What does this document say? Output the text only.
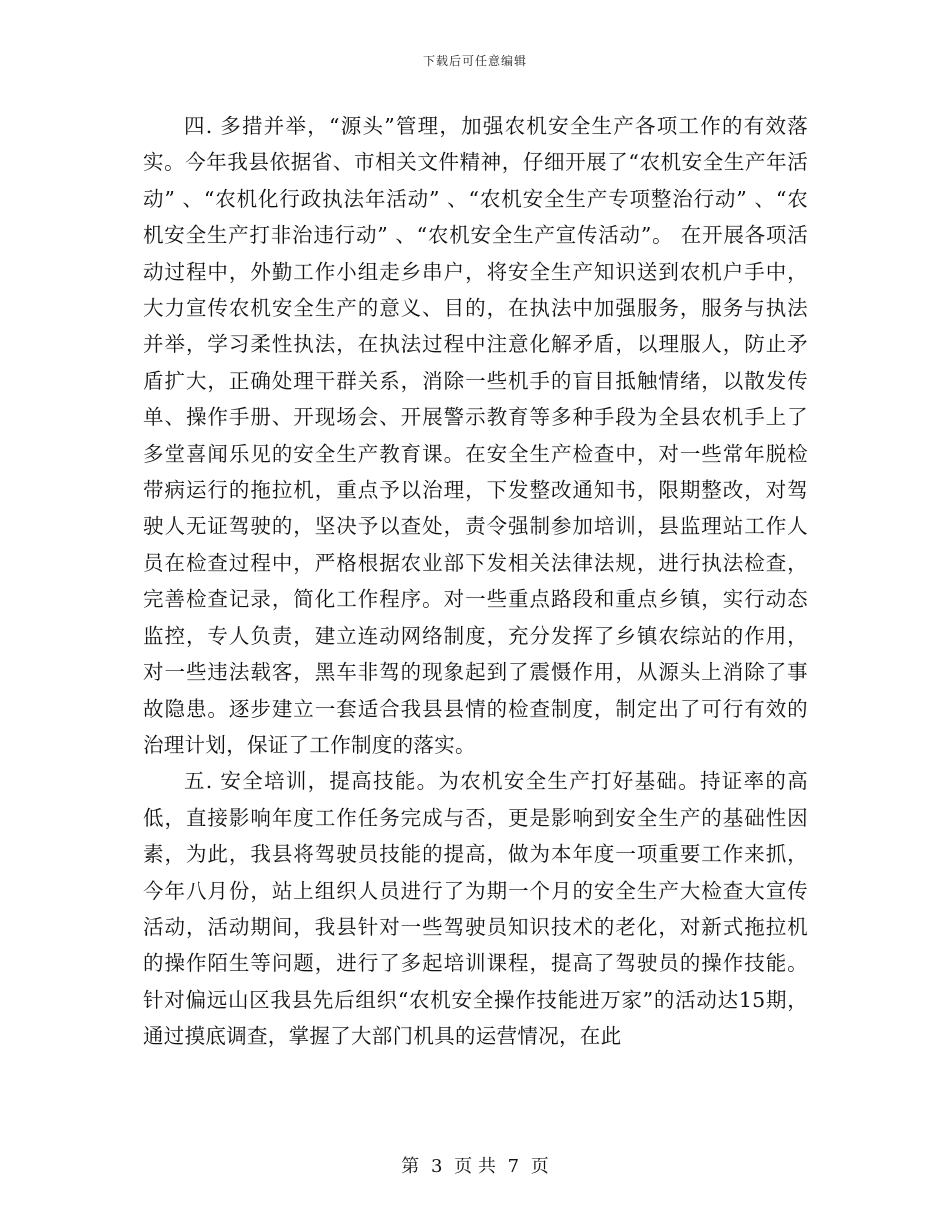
下载后可任意编辑

四. 多措并举，“源头”管理，加强农机安全生产各项工作的有效落实。今年我县依据省、市相关文件精神，仔细开展了“农机安全生产年活动” 、“农机化行政执法年活动” 、“农机安全生产专项整治行动” 、“农机安全生产打非治违行动” 、“农机安全生产宣传活动”。 在开展各项活动过程中，外勤工作小组走乡串户，将安全生产知识送到农机户手中，大力宣传农机安全生产的意义、目的，在执法中加强服务，服务与执法并举，学习柔性执法，在执法过程中注意化解矛盾，以理服人，防止矛盾扩大，正确处理干群关系，消除一些机手的盲目抵触情绪，以散发传单、操作手册、开现场会、开展警示教育等多种手段为全县农机手上了多堂喜闻乐见的安全生产教育课。在安全生产检查中，对一些常年脱检带病运行的拖拉机，重点予以治理，下发整改通知书，限期整改，对驾驶人无证驾驶的，坚决予以查处，责令强制参加培训，县监理站工作人员在检查过程中，严格根据农业部下发相关法律法规，进行执法检查，完善检查记录，简化工作程序。对一些重点路段和重点乡镇，实行动态监控，专人负责，建立连动网络制度，充分发挥了乡镇农综站的作用，对一些违法载客，黑车非驾的现象起到了震慑作用，从源头上消除了事故隐患。逐步建立一套适合我县县情的检查制度，制定出了可行有效的治理计划，保证了工作制度的落实。

五. 安全培训，提高技能。为农机安全生产打好基础。持证率的高低，直接影响年度工作任务完成与否，更是影响到安全生产的基础性因素，为此，我县将驾驶员技能的提高，做为本年度一项重要工作来抓，今年八月份，站上组织人员进行了为期一个月的安全生产大检查大宣传活动，活动期间，我县针对一些驾驶员知识技术的老化，对新式拖拉机的操作陌生等问题，进行了多起培训课程，提高了驾驶员的操作技能。针对偏远山区我县先后组织“农机安全操作技能进万家”的活动达15期，通过摸底调查，掌握了大部门机具的运营情况，在此

第 3 页 共 7 页
